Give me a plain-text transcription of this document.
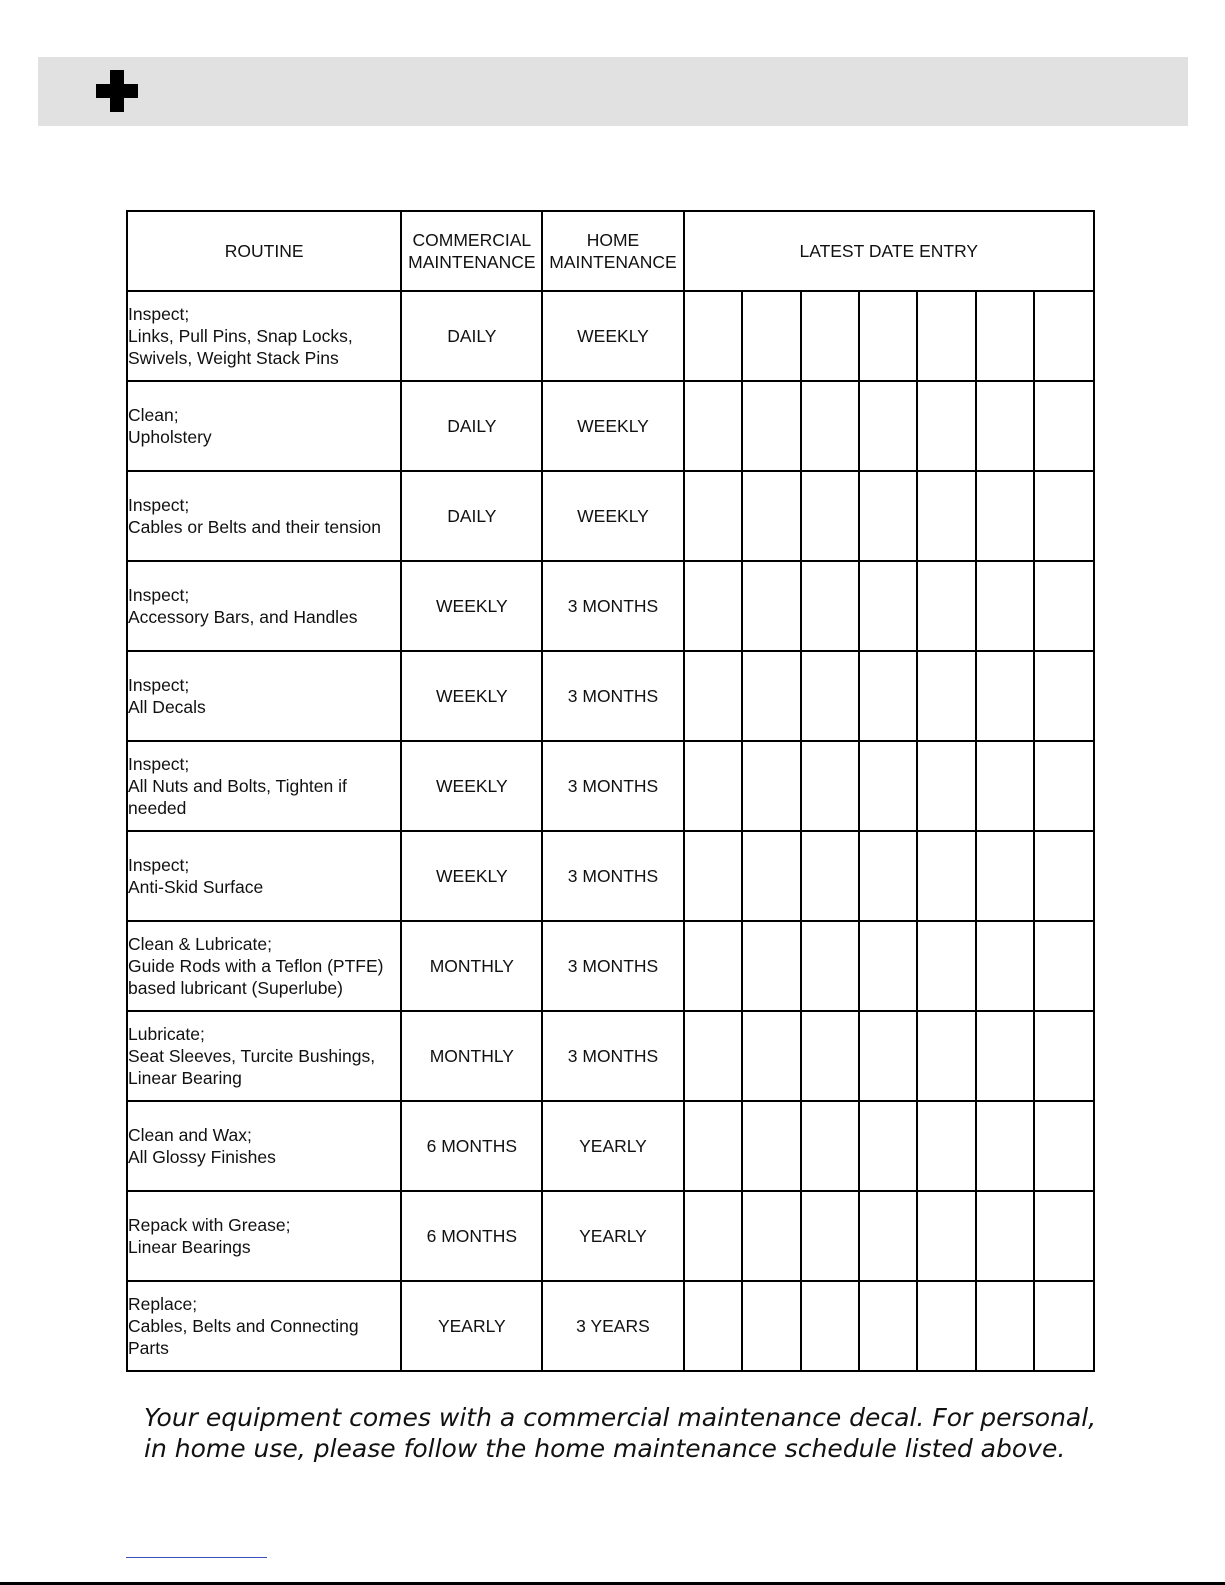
ROUTINE	COMMERCIAL MAINTENANCE	HOME MAINTENANCE	LATEST DATE ENTRY						

Inspect;
Links, Pull Pins, Snap Locks,
Swivels, Weight Stack Pins	DAILY	WEEKLY							

Clean;
Upholstery	DAILY	WEEKLY							

Inspect;
Cables or Belts and their tension	DAILY	WEEKLY							

Inspect;
Accessory Bars, and Handles	WEEKLY	3 MONTHS							

Inspect;
All Decals	WEEKLY	3 MONTHS							

Inspect;
All Nuts and Bolts, Tighten if
needed	WEEKLY	3 MONTHS							

Inspect;
Anti-Skid Surface	WEEKLY	3 MONTHS							

Clean & Lubricate;
Guide Rods with a Teflon (PTFE)
based lubricant (Superlube)	MONTHLY	3 MONTHS							

Lubricate;
Seat Sleeves, Turcite Bushings,
Linear Bearing	MONTHLY	3 MONTHS							

Clean and Wax;
All Glossy Finishes	6 MONTHS	YEARLY							

Repack with Grease;
Linear Bearings	6 MONTHS	YEARLY							

Replace;
Cables, Belts and Connecting
Parts	YEARLY	3 YEARS							
Your equipment comes with a commercial maintenance decal. For personal,
in home use, please follow the home maintenance schedule listed above.
